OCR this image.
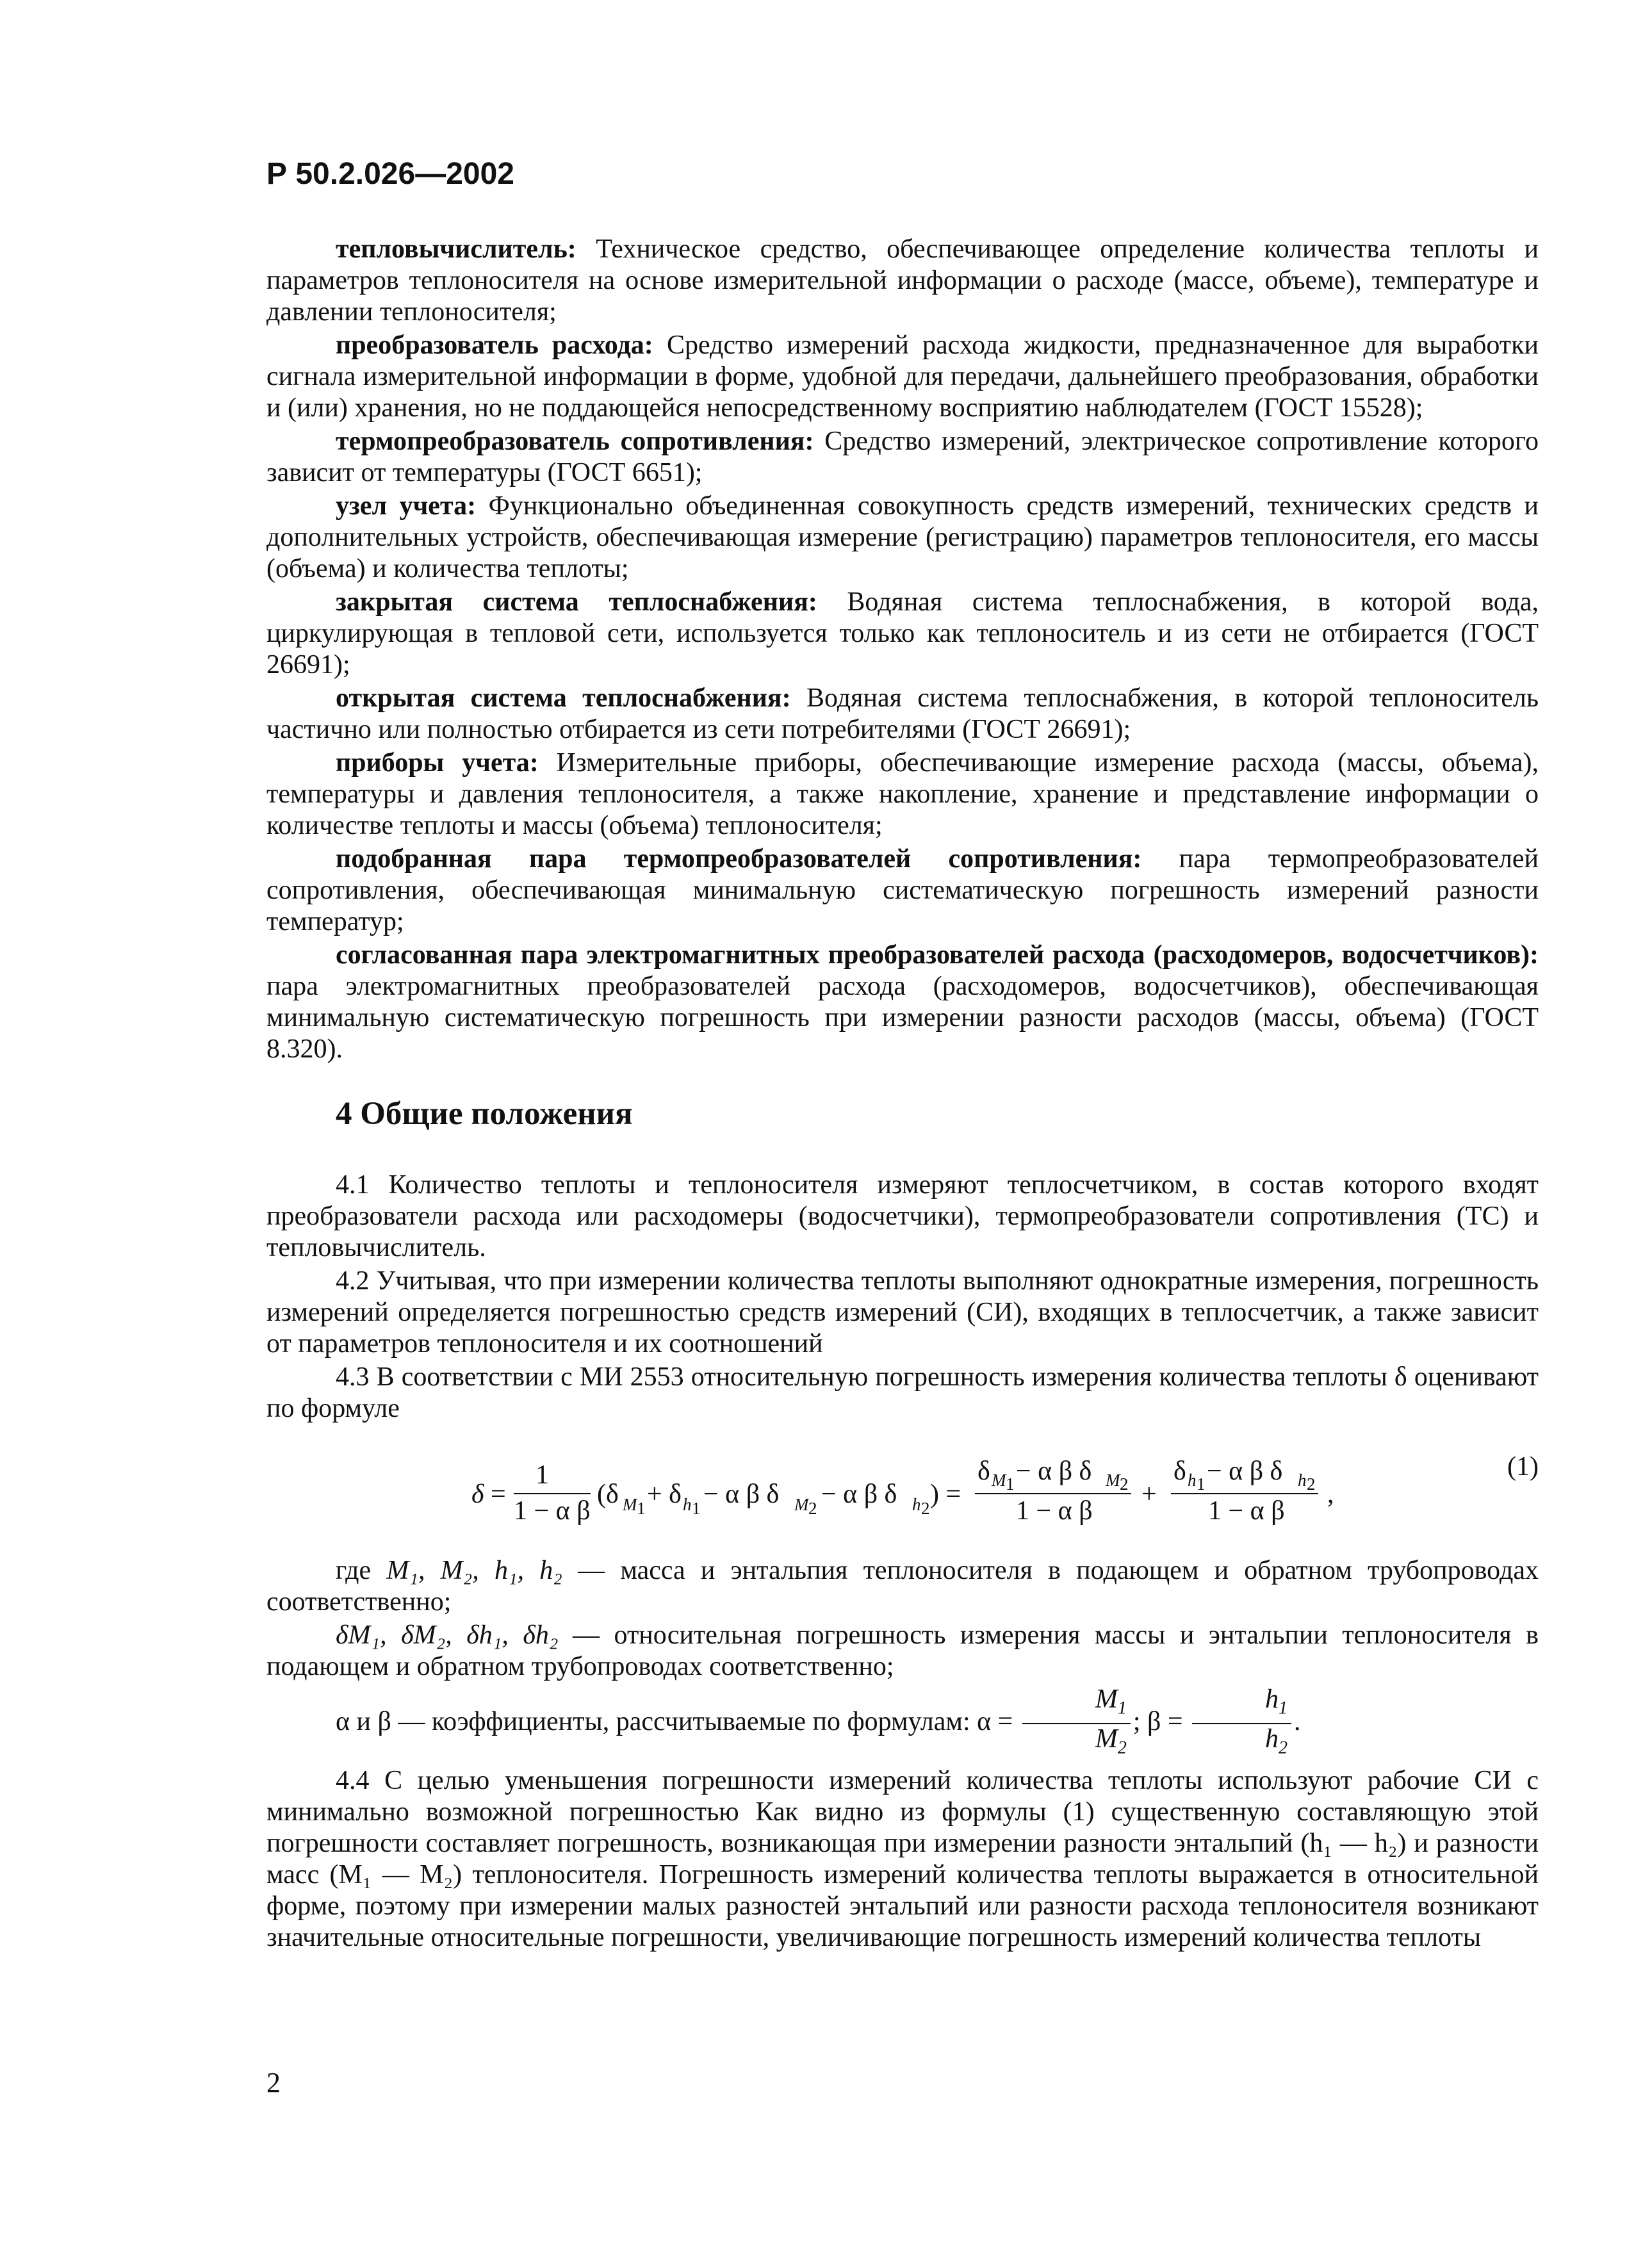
Р 50.2.026—2002

тепловычислитель: Техническое средство, обеспечивающее определение количества теплоты и параметров теплоносителя на основе измерительной информации о расходе (массе, объеме), температуре и давлении теплоносителя;

преобразователь расхода: Средство измерений расхода жидкости, предназначенное для выработки сигнала измерительной информации в форме, удобной для передачи, дальнейшего преобразования, обработки и (или) хранения, но не поддающейся непосредственному восприятию наблюдателем (ГОСТ 15528);

термопреобразователь сопротивления: Средство измерений, электрическое сопротивление которого зависит от температуры (ГОСТ 6651);

узел учета: Функционально объединенная совокупность средств измерений, технических средств и дополнительных устройств, обеспечивающая измерение (регистрацию) параметров теплоносителя, его массы (объема) и количества теплоты;

закрытая система теплоснабжения: Водяная система теплоснабжения, в которой вода, циркулирующая в тепловой сети, используется только как теплоноситель и из сети не отбирается (ГОСТ 26691);

открытая система теплоснабжения: Водяная система теплоснабжения, в которой теплоноситель частично или полностью отбирается из сети потребителями (ГОСТ 26691);

приборы учета: Измерительные приборы, обеспечивающие измерение расхода (массы, объема), температуры и давления теплоносителя, а также накопление, хранение и представление информации о количестве теплоты и массы (объема) теплоносителя;

подобранная пара термопреобразователей сопротивления: пара термопреобразователей сопротивления, обеспечивающая минимальную систематическую погрешность измерений разности температур;

согласованная пара электромагнитных преобразователей расхода (расходомеров, водосчетчиков): пара электромагнитных преобразователей расхода (расходомеров, водосчетчиков), обеспечивающая минимальную систематическую погрешность при измерении разности расходов (массы, объема) (ГОСТ 8.320).

4 Общие положения

4.1 Количество теплоты и теплоносителя измеряют теплосчетчиком, в состав которого входят преобразователи расхода или расходомеры (водосчетчики), термопреобразователи сопротивления (ТС) и тепловычислитель.

4.2 Учитывая, что при измерении количества теплоты выполняют однократные измерения, погрешность измерений определяется погрешностью средств измерений (СИ), входящих в теплосчетчик, а также зависит от параметров теплоносителя и их соотношений

4.3 В соответствии с МИ 2553 относительную погрешность измерения количества теплоты δ оценивают по формуле

δ =
1
1 − α β
(δ M 1 + δ h 1 − α β δ M 2 − α β δ h 2 ) =
δ M 1 − α β δ M 2
1 − α β
+
δ h 1 − α β δ h 2
1 − α β
,
(1)

где M₁, M₂, h₁, h₂ — масса и энтальпия теплоносителя в подающем и обратном трубопроводах соответственно;

δM₁, δM₂, δh₁, δh₂ — относительная погрешность измерения массы и энтальпии теплоносителя в подающем и обратном трубопроводах соответственно;

α и β — коэффициенты, рассчитываемые по формулам: $\alpha = \frac{M_1}{M_2}$ ; $\beta = \frac{h_1}{h_2}$ .

4.4 С целью уменьшения погрешности измерений количества теплоты используют рабочие СИ с минимально возможной погрешностью Как видно из формулы (1) существенную составляющую этой погрешности составляет погрешность, возникающая при измерении разности энтальпий (h₁ — h₂) и разности масс (M₁ — M₂) теплоносителя. Погрешность измерений количества теплоты выражается в относительной форме, поэтому при измерении малых разностей энтальпий или разности расхода теплоносителя возникают значительные относительные погрешности, увеличивающие погрешность измерений количества теплоты

2
